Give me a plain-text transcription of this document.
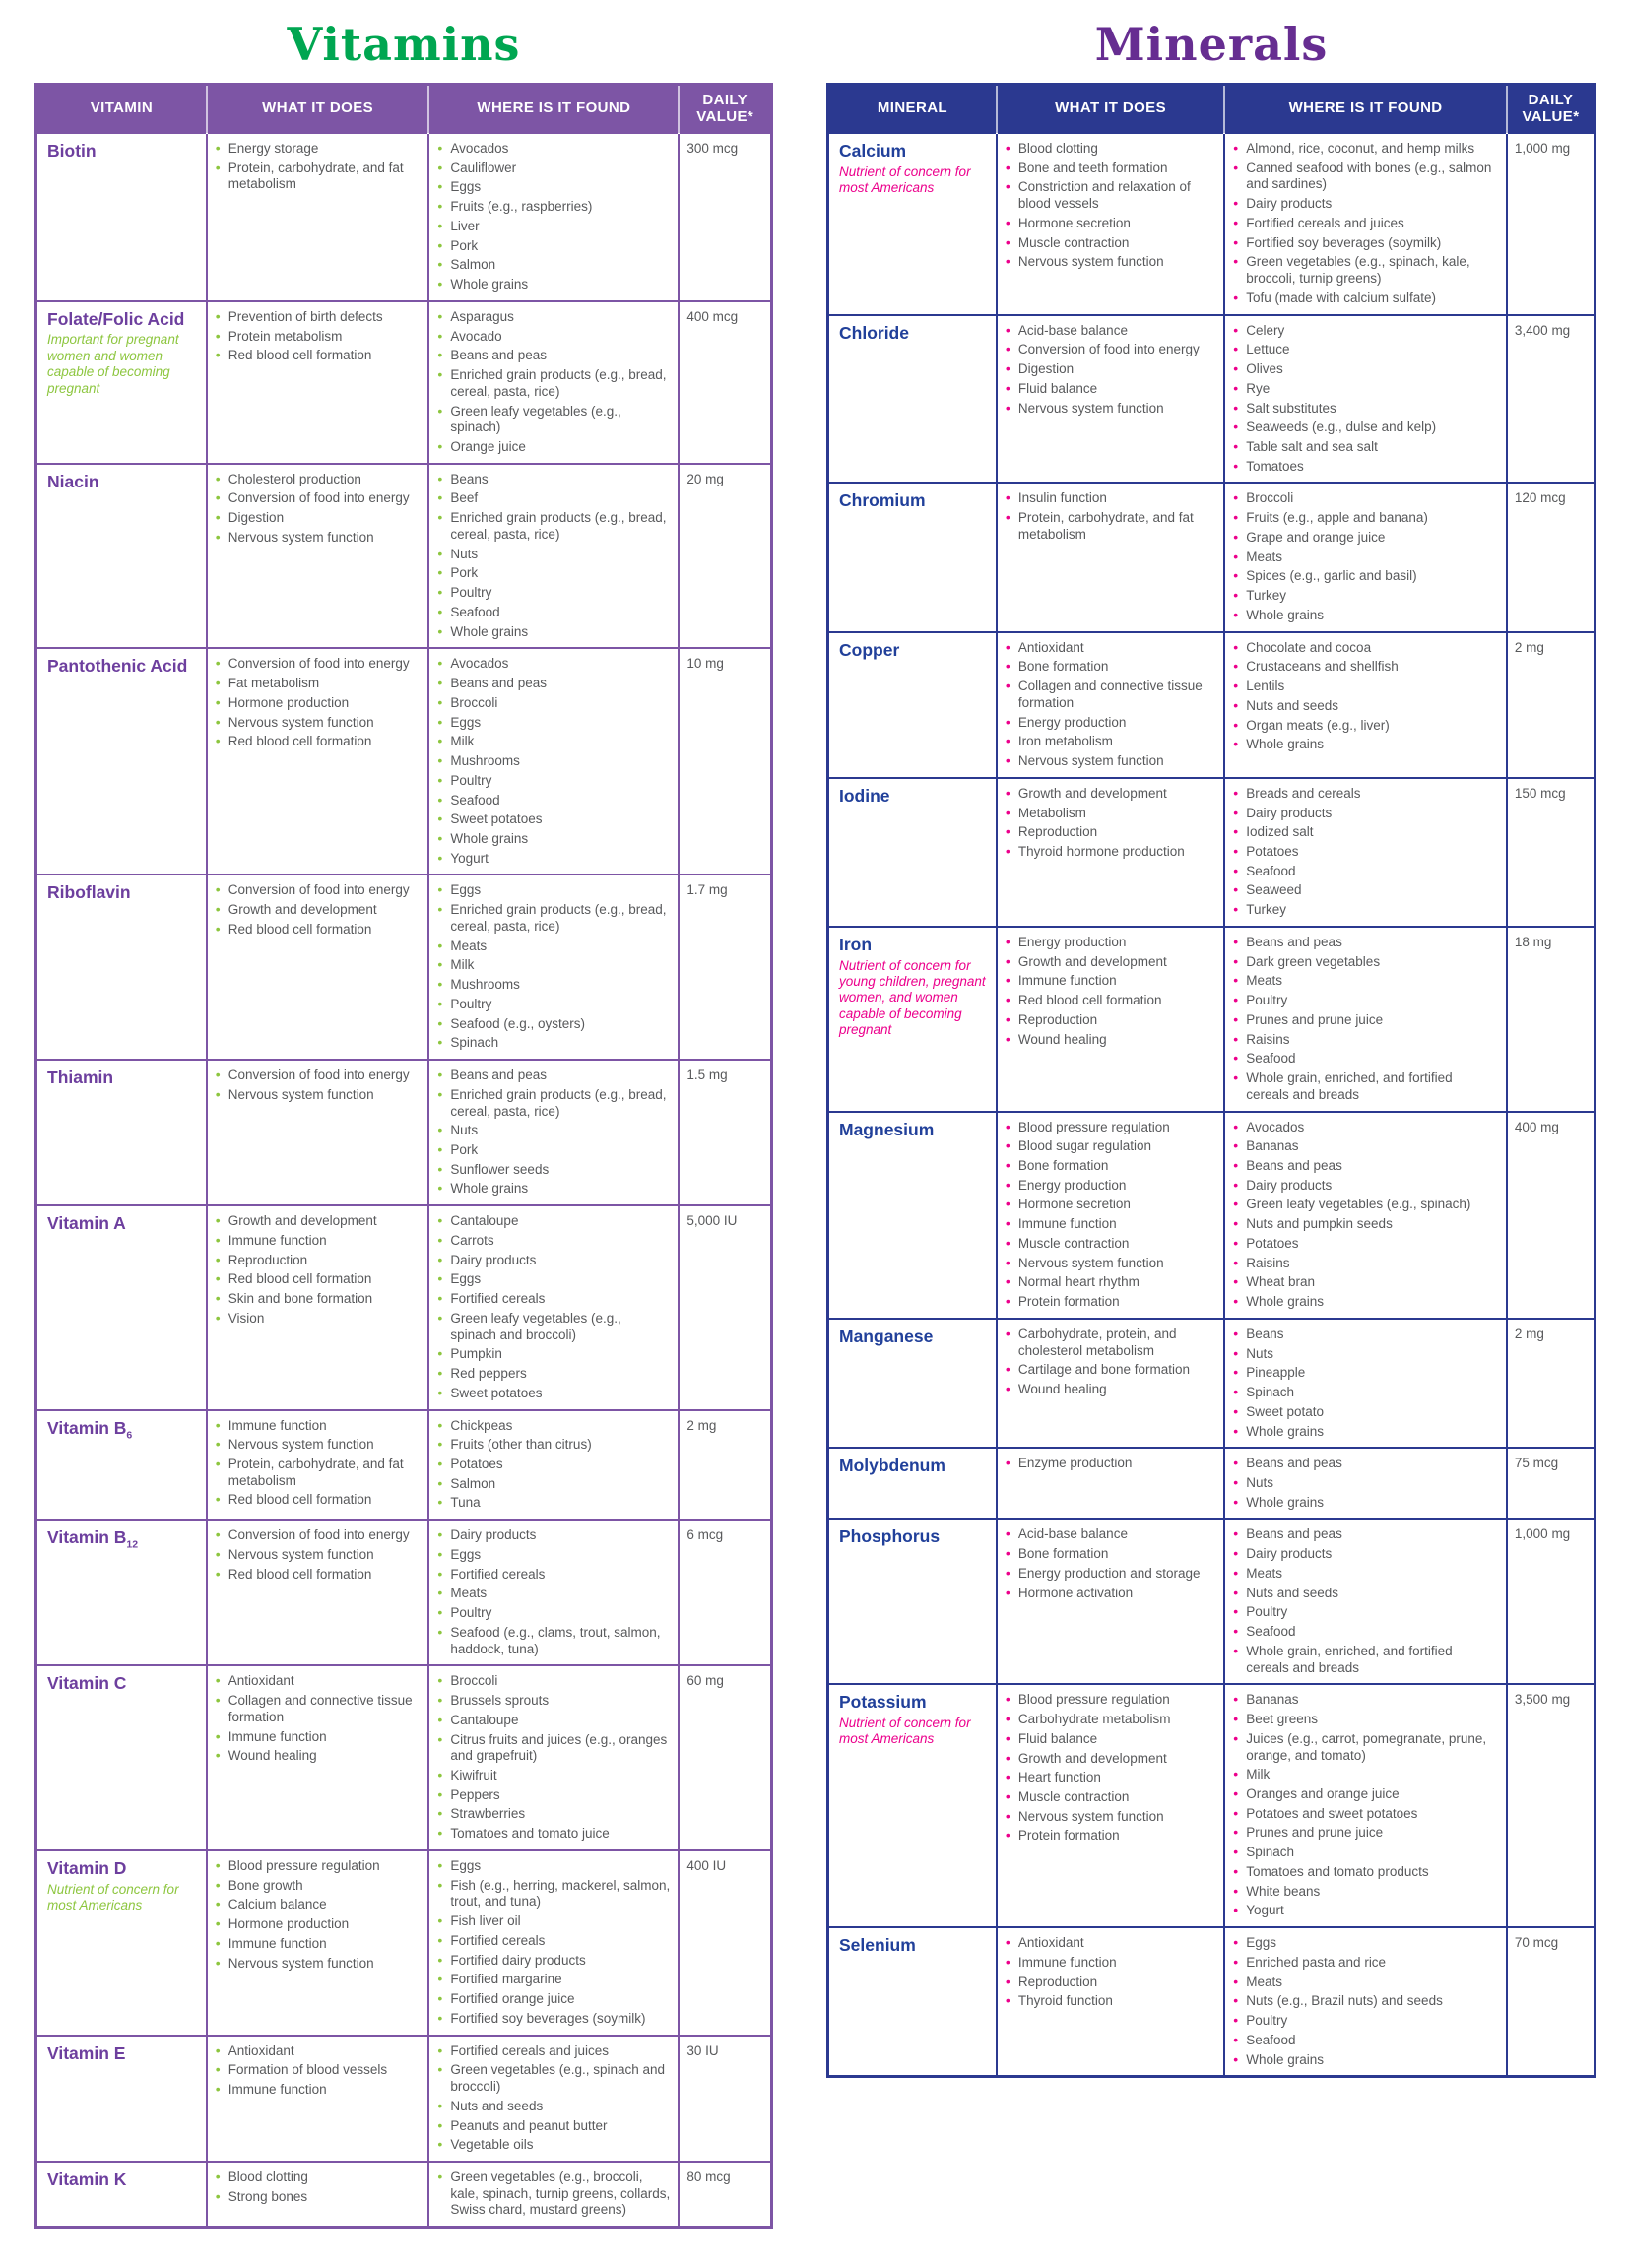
Vitamins
VITAMIN	WHAT IT DOES	WHERE IS IT FOUND	DAILY VALUE*

Biotin

•Energy storage
• Protein, carbohydrate, and fat metabolism

• Avocados
• Cauliflower
• Eggs
• Fruits (e.g., raspberries)
• Liver
• Pork
• Salmon
• Whole grains
	300 mcg

Folate/Folic Acid
Important for pregnant women and women capable of becoming pregnant

• Prevention of birth defects
• Protein metabolism
• Red blood cell formation

• Asparagus
• Avocado
• Beans and peas
• Enriched grain products (e.g., bread, cereal, pasta, rice)
• Green leafy vegetables (e.g., spinach)
• Orange juice
	400 mcg

Niacin

•Cholesterol production
• Conversion of food into energy
• Digestion
• Nervous system function

• Beans
• Beef
• Enriched grain products (e.g., bread, cereal, pasta, rice)
• Nuts
• Pork
• Poultry
• Seafood
• Whole grains
	20 mg

Pantothenic Acid

•Conversion of food into energy
• Fat metabolism
• Hormone production
• Nervous system function
• Red blood cell formation

• Avocados
• Beans and peas
• Broccoli
• Eggs
• Milk
• Mushrooms
• Poultry
• Seafood
• Sweet potatoes
• Whole grains
• Yogurt
	10 mg

Riboflavin

•Conversion of food into energy
• Growth and development
• Red blood cell formation

• Eggs
• Enriched grain products (e.g., bread, cereal, pasta, rice)
• Meats
• Milk
• Mushrooms
• Poultry
• Seafood (e.g., oysters)
• Spinach
	1.7 mg

Thiamin

•Conversion of food into energy
• Nervous system function

• Beans and peas
• Enriched grain products (e.g., bread, cereal, pasta, rice)
• Nuts
• Pork
• Sunflower seeds
• Whole grains
	1.5 mg

Vitamin A

•Growth and development
• Immune function
• Reproduction
• Red blood cell formation
• Skin and bone formation
• Vision

• Cantaloupe
• Carrots
• Dairy products
• Eggs
• Fortified cereals
• Green leafy vegetables (e.g., spinach and broccoli)
• Pumpkin
• Red peppers
• Sweet potatoes
	5,000 IU

Vitamin $B_6$

• Immune function
• Nervous system function
• Protein, carbohydrate, and fat metabolism
• Red blood cell formation

• Chickpeas
• Fruits (other than citrus)
• Potatoes
• Salmon
• Tuna
	2 mg

Vitamin $B_{12}$

• Conversion of food into energy
• Nervous system function
• Red blood cell formation

• Dairy products
• Eggs
• Fortified cereals
• Meats
• Poultry
• Seafood (e.g., clams, trout, salmon, haddock, tuna)
	6 mcg

Vitamin C

•Antioxidant
• Collagen and connective tissue formation
• Immune function
• Wound healing

• Broccoli
• Brussels sprouts
• Cantaloupe
• Citrus fruits and juices (e.g., oranges and grapefruit)
• Kiwifruit
• Peppers
• Strawberries
• Tomatoes and tomato juice
	60 mg

Vitamin D
Nutrient of concern for most Americans

• Blood pressure regulation
• Bone growth
• Calcium balance
• Hormone production
• Immune function
• Nervous system function

• Eggs
• Fish (e.g., herring, mackerel, salmon, trout, and tuna)
• Fish liver oil
• Fortified cereals
• Fortified dairy products
• Fortified margarine
• Fortified orange juice
• Fortified soy beverages (soymilk)
	400 IU

Vitamin E

•Antioxidant
• Formation of blood vessels
• Immune function

• Fortified cereals and juices
• Green vegetables (e.g., spinach and broccoli)
• Nuts and seeds
• Peanuts and peanut butter
• Vegetable oils
	30 IU

Vitamin K

•Blood clotting
• Strong bones

• Green vegetables (e.g., broccoli, kale, spinach, turnip greens, collards, Swiss chard, mustard greens)
	80 mcg
Minerals
MINERAL	WHAT IT DOES	WHERE IS IT FOUND	DAILY VALUE*

Calcium
Nutrient of concern for most Americans

• Blood clotting
• Bone and teeth formation
• Constriction and relaxation of blood vessels
• Hormone secretion
• Muscle contraction
• Nervous system function

• Almond, rice, coconut, and hemp milks
• Canned seafood with bones (e.g., salmon and sardines)
• Dairy products
• Fortified cereals and juices
• Fortified soy beverages (soymilk)
• Green vegetables (e.g., spinach, kale, broccoli, turnip greens)
• Tofu (made with calcium sulfate)
	1,000 mg

Chloride

•Acid-base balance
• Conversion of food into energy
• Digestion
• Fluid balance
• Nervous system function

• Celery
• Lettuce
• Olives
• Rye
• Salt substitutes
• Seaweeds (e.g., dulse and kelp)
• Table salt and sea salt
• Tomatoes
	3,400 mg

Chromium

•Insulin function
• Protein, carbohydrate, and fat metabolism

• Broccoli
• Fruits (e.g., apple and banana)
• Grape and orange juice
• Meats
• Spices (e.g., garlic and basil)
• Turkey
• Whole grains
	120 mcg

Copper

•Antioxidant
• Bone formation
• Collagen and connective tissue formation
• Energy production
• Iron metabolism
• Nervous system function

• Chocolate and cocoa
• Crustaceans and shellfish
• Lentils
• Nuts and seeds
• Organ meats (e.g., liver)
• Whole grains
	2 mg

Iodine

•Growth and development
• Metabolism
• Reproduction
• Thyroid hormone production

• Breads and cereals
• Dairy products
• Iodized salt
• Potatoes
• Seafood
• Seaweed
• Turkey
	150 mcg

Iron
Nutrient of concern for young children, pregnant women, and women capable of becoming pregnant

• Energy production
• Growth and development
• Immune function
• Red blood cell formation
• Reproduction
• Wound healing

• Beans and peas
• Dark green vegetables
• Meats
• Poultry
• Prunes and prune juice
• Raisins
• Seafood
• Whole grain, enriched, and fortified cereals and breads
	18 mg

Magnesium

•Blood pressure regulation
• Blood sugar regulation
• Bone formation
• Energy production
• Hormone secretion
• Immune function
• Muscle contraction
• Nervous system function
• Normal heart rhythm
• Protein formation

• Avocados
• Bananas
• Beans and peas
• Dairy products
• Green leafy vegetables (e.g., spinach)
• Nuts and pumpkin seeds
• Potatoes
• Raisins
• Wheat bran
• Whole grains
	400 mg

Manganese

•Carbohydrate, protein, and cholesterol metabolism
• Cartilage and bone formation
• Wound healing

• Beans
• Nuts
• Pineapple
• Spinach
• Sweet potato
• Whole grains
	2 mg

Molybdenum

•Enzyme production

•Beans and peas
• Nuts
• Whole grains
	75 mcg

Phosphorus

•Acid-base balance
• Bone formation
• Energy production and storage
• Hormone activation

• Beans and peas
• Dairy products
• Meats
• Nuts and seeds
• Poultry
• Seafood
• Whole grain, enriched, and fortified cereals and breads
	1,000 mg

Potassium
Nutrient of concern for most Americans

• Blood pressure regulation
• Carbohydrate metabolism
• Fluid balance
• Growth and development
• Heart function
• Muscle contraction
• Nervous system function
• Protein formation

• Bananas
• Beet greens
• Juices (e.g., carrot, pomegranate, prune, orange, and tomato)
• Milk
• Oranges and orange juice
• Potatoes and sweet potatoes
• Prunes and prune juice
• Spinach
• Tomatoes and tomato products
• White beans
• Yogurt
	3,500 mg

Selenium

•Antioxidant
• Immune function
• Reproduction
• Thyroid function

• Eggs
• Enriched pasta and rice
• Meats
• Nuts (e.g., Brazil nuts) and seeds
• Poultry
• Seafood
• Whole grains
	70 mcg
